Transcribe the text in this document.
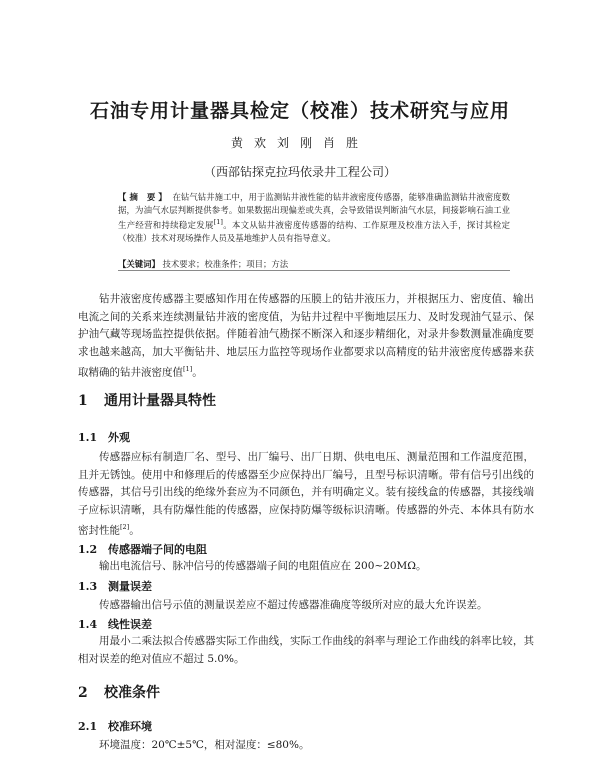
石油专用计量器具检定（校准）技术研究与应用
黄欢刘刚肖胜
（西部钻探克拉玛依录井工程公司）
【摘 要】 在钻气钻井施工中，用于监测钻井液性能的钻井液密度传感器，能够准确监测钻井液密度数据，为油气水层判断提供参考。如果数据出现偏差或失真，会导致错误判断油气水层，间接影响石油工业生产经营和持续稳定发展[1]。本文从钻井液密度传感器的结构、工作原理及校准方法入手，探讨其检定（校准）技术对现场操作人员及基地维护人员有指导意义。
【关键词】 技术要求；校准条件；项目；方法
钻井液密度传感器主要感知作用在传感器的压膜上的钻井液压力，并根据压力、密度值、输出电流之间的关系来连续测量钻井液的密度值，为钻井过程中平衡地层压力、及时发现油气显示、保护油气藏等现场监控提供依据。伴随着油气勘探不断深入和逐步精细化，对录井参数测量准确度要求也越来越高，加大平衡钻井、地层压力监控等现场作业都要求以高精度的钻井液密度传感器来获取精确的钻井液密度值[1]。
1 通用计量器具特性
1.1 外观
传感器应标有制造厂名、型号、出厂编号、出厂日期、供电电压、测量范围和工作温度范围，且并无锈蚀。使用中和修理后的传感器至少应保持出厂编号，且型号标识清晰。带有信号引出线的传感器，其信号引出线的绝缘外套应为不同颜色，并有明确定义。装有接线盒的传感器，其接线端子应标识清晰，具有防爆性能的传感器，应保持防爆等级标识清晰。传感器的外壳、本体具有防水密封性能[2]。
1.2 传感器端子间的电阻
输出电流信号、脉冲信号的传感器端子间的电阻值应在 200~20MΩ。
1.3 测量误差
传感器输出信号示值的测量误差应不超过传感器准确度等级所对应的最大允许误差。
1.4 线性误差
用最小二乘法拟合传感器实际工作曲线，实际工作曲线的斜率与理论工作曲线的斜率比较，其相对误差的绝对值应不超过 5.0%。
2 校准条件
2.1 校准环境
环境温度：20℃±5℃，相对湿度：≤80%。
